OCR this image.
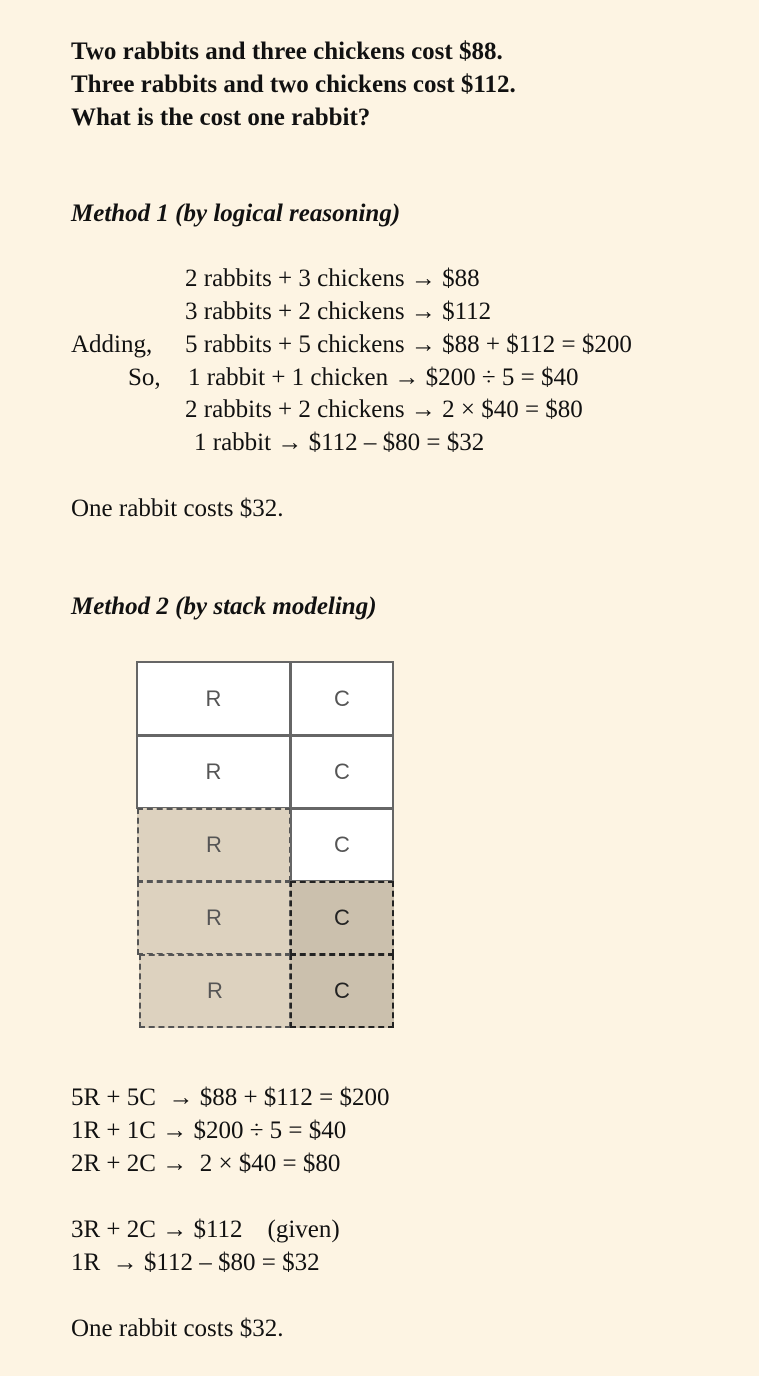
Two rabbits and three chickens cost $88.
Three rabbits and two chickens cost $112.
What is the cost one rabbit?
Method 1 (by logical reasoning)
2 rabbits + 3 chickens → $88
3 rabbits + 2 chickens → $112
Adding, 5 rabbits + 5 chickens → $88 + $112 = $200
So, 1 rabbit + 1 chicken → $200 ÷ 5 = $40
2 rabbits + 2 chickens → 2 × $40 = $80
1 rabbit → $112 – $80 = $32
One rabbit costs $32.
Method 2 (by stack modeling)
R	C
R	C
R	C
R	C
R	C
5R + 5C  → $88 + $112 = $200
1R + 1C → $200 ÷ 5 = $40
2R + 2C →  2 × $40 = $80
3R + 2C → $112    (given)
1R  → $112 – $80 = $32
One rabbit costs $32.
